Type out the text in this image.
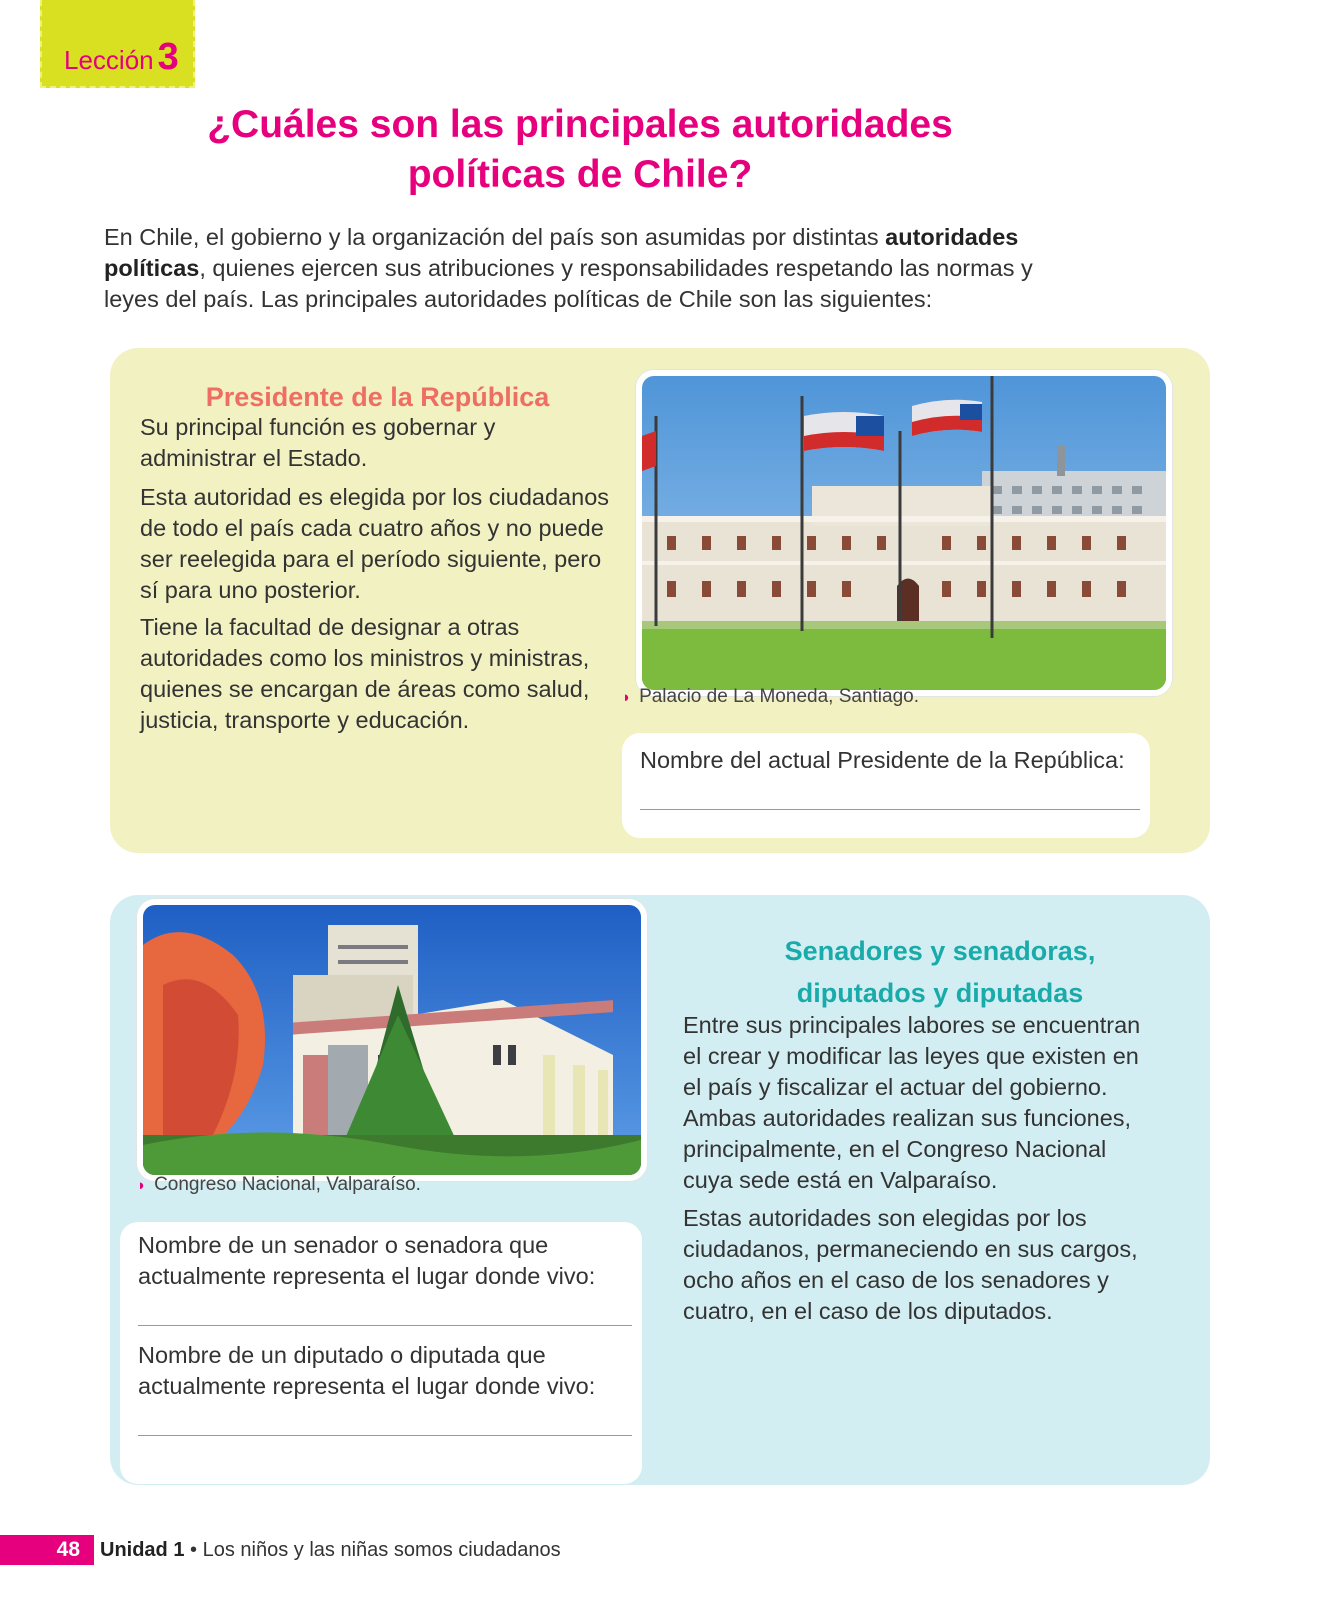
Lección 3
¿Cuáles son las principales autoridades
políticas de Chile?
En Chile, el gobierno y la organización del país son asumidas por distintas autoridades políticas, quienes ejercen sus atribuciones y responsabilidades respetando las normas y leyes del país. Las principales autoridades políticas de Chile son las siguientes:
Presidente de la República

Su principal función es gobernar y administrar el Estado.

Esta autoridad es elegida por los ciudadanos de todo el país cada cuatro años y no puede ser reelegida para el período siguiente, pero sí para uno posterior.

Tiene la facultad de designar a otras autoridades como los ministros y ministras, quienes se encargan de áreas como salud, justicia, transporte y educación.

◗ Palacio de La Moneda, Santiago.
Nombre del actual Presidente de la República:
◗ Congreso Nacional, Valparaíso.
Nombre de un senador o senadora que actualmente representa el lugar donde vivo:
Nombre de un diputado o diputada que actualmente representa el lugar donde vivo:
Senadores y senadoras,
diputados y diputadas

Entre sus principales labores se encuentran el crear y modificar las leyes que existen en el país y fiscalizar el actuar del gobierno. Ambas autoridades realizan sus funciones, principalmente, en el Congreso Nacional cuya sede está en Valparaíso.

Estas autoridades son elegidas por los ciudadanos, permaneciendo en sus cargos, ocho años en el caso de los senadores y cuatro, en el caso de los diputados.

48	Unidad 1 • Los niños y las niñas somos ciudadanos
